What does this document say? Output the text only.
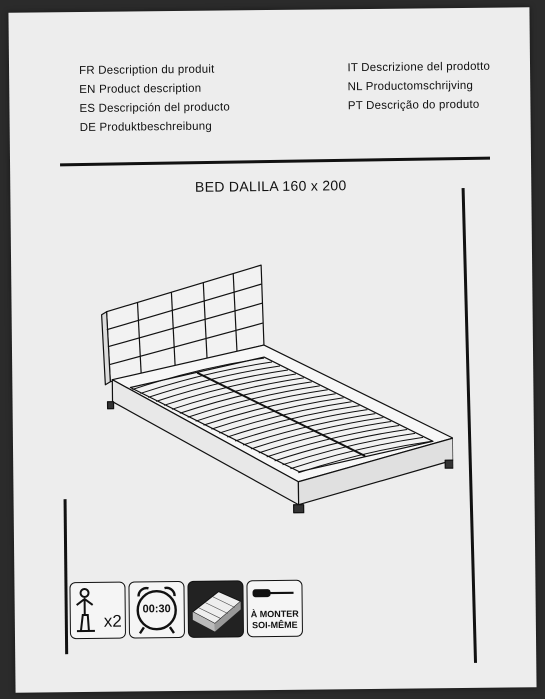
FR Description du produit
EN Product description
ES Descripción del producto
DE Produktbeschreibung
IT Descrizione del prodotto
NL Productomschrijving
PT Descrição do produto
BED DALILA 160 x 200
x2
00:30	À MONTER
SOI-MÊME
